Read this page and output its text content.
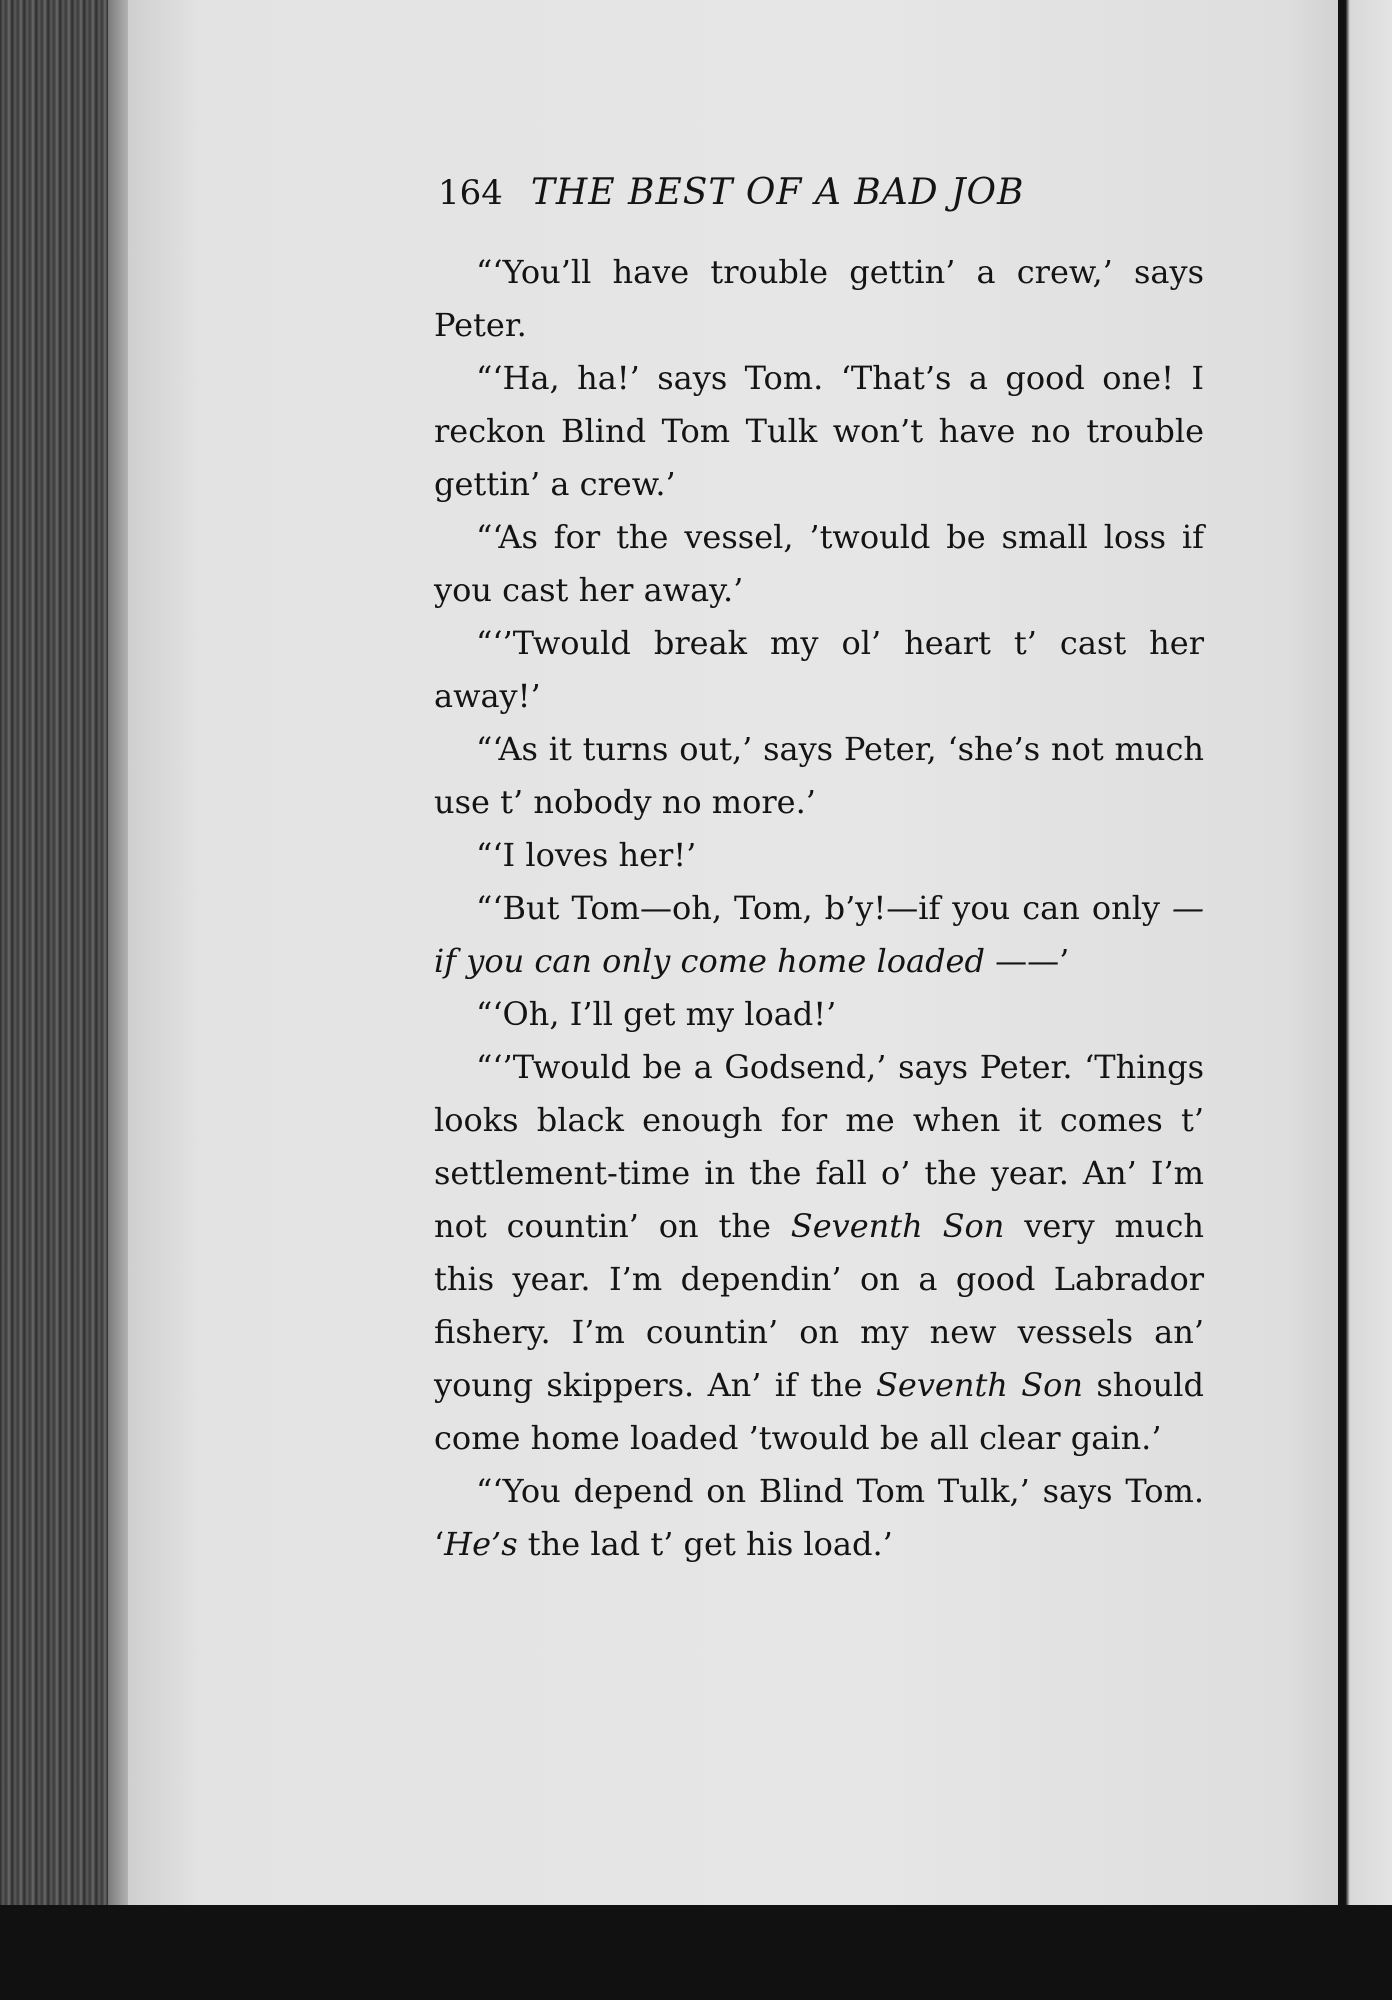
164 THE BEST OF A BAD JOB

“‘You’ll have trouble gettin’ a crew,’ says Peter.

“‘Ha, ha!’ says Tom. ‘That’s a good one! I reckon Blind Tom Tulk won’t have no trouble gettin’ a crew.’

“‘As for the vessel, ’twould be small loss if you cast her away.’

“‘’Twould break my ol’ heart t’ cast her away!’

“‘As it turns out,’ says Peter, ‘she’s not much use t’ nobody no more.’

“‘I loves her!’

“‘But Tom—oh, Tom, b’y!—if you can only —if you can only come home loaded ——’

“‘Oh, I’ll get my load!’

“‘’Twould be a Godsend,’ says Peter. ‘Things looks black enough for me when it comes t’ settlement-time in the fall o’ the year. An’ I’m not countin’ on the Seventh Son very much this year. I’m dependin’ on a good Labrador fishery. I’m countin’ on my new vessels an’ young skippers. An’ if the Seventh Son should come home loaded ’twould be all clear gain.’

“‘You depend on Blind Tom Tulk,’ says Tom. ‘He’s the lad t’ get his load.’
